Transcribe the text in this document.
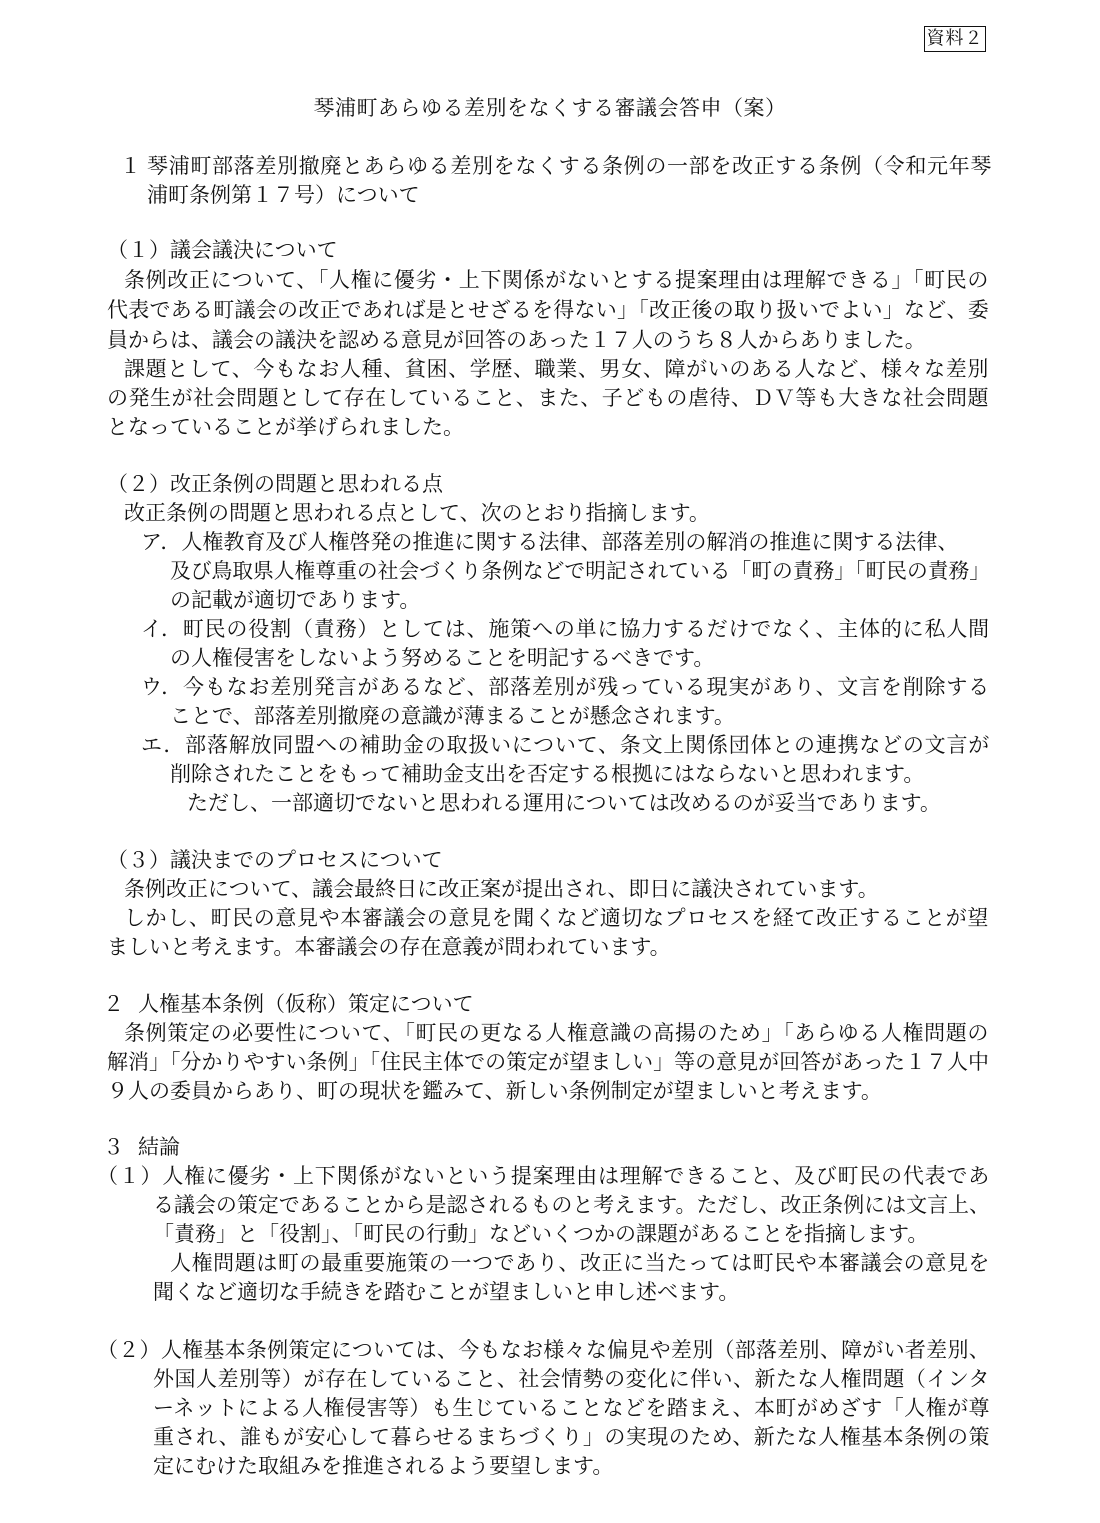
資料２
琴浦町あらゆる差別をなくする審議会答申（案）
１ 琴浦町部落差別撤廃とあらゆる差別をなくする条例の一部を改正する条例（令和元年琴
浦町条例第１７号）について
（１）議会議決について
条例改正について、「人権に優劣・上下関係がないとする提案理由は理解できる」「町民の
代表である町議会の改正であれば是とせざるを得ない」「改正後の取り扱いでよい」など、委
員からは、議会の議決を認める意見が回答のあった１７人のうち８人からありました。
課題として、今もなお人種、貧困、学歴、職業、男女、障がいのある人など、様々な差別
の発生が社会問題として存在していること、また、子どもの虐待、ＤＶ等も大きな社会問題
となっていることが挙げられました。
（２）改正条例の問題と思われる点
改正条例の問題と思われる点として、次のとおり指摘します。
ア．人権教育及び人権啓発の推進に関する法律、部落差別の解消の推進に関する法律、
及び鳥取県人権尊重の社会づくり条例などで明記されている「町の責務」「町民の責務」
の記載が適切であります。
イ．町民の役割（責務）としては、施策への単に協力するだけでなく、主体的に私人間
の人権侵害をしないよう努めることを明記するべきです。
ウ．今もなお差別発言があるなど、部落差別が残っている現実があり、文言を削除する
ことで、部落差別撤廃の意識が薄まることが懸念されます。
エ．部落解放同盟への補助金の取扱いについて、条文上関係団体との連携などの文言が
削除されたことをもって補助金支出を否定する根拠にはならないと思われます。
ただし、一部適切でないと思われる運用については改めるのが妥当であります。
（３）議決までのプロセスについて
条例改正について、議会最終日に改正案が提出され、即日に議決されています。
しかし、町民の意見や本審議会の意見を聞くなど適切なプロセスを経て改正することが望
ましいと考えます。本審議会の存在意義が問われています。
２ 人権基本条例（仮称）策定について
条例策定の必要性について、「町民の更なる人権意識の高揚のため」「あらゆる人権問題の
解消」「分かりやすい条例」「住民主体での策定が望ましい」等の意見が回答があった１７人中
９人の委員からあり、町の現状を鑑みて、新しい条例制定が望ましいと考えます。
３ 結論
（１）人権に優劣・上下関係がないという提案理由は理解できること、及び町民の代表であ
る議会の策定であることから是認されるものと考えます。ただし、改正条例には文言上、
「責務」と「役割」、「町民の行動」などいくつかの課題があることを指摘します。
人権問題は町の最重要施策の一つであり、改正に当たっては町民や本審議会の意見を
聞くなど適切な手続きを踏むことが望ましいと申し述べます。
（２）人権基本条例策定については、今もなお様々な偏見や差別（部落差別、障がい者差別、
外国人差別等）が存在していること、社会情勢の変化に伴い、新たな人権問題（インタ
ーネットによる人権侵害等）も生じていることなどを踏まえ、本町がめざす「人権が尊
重され、誰もが安心して暮らせるまちづくり」の実現のため、新たな人権基本条例の策
定にむけた取組みを推進されるよう要望します。
